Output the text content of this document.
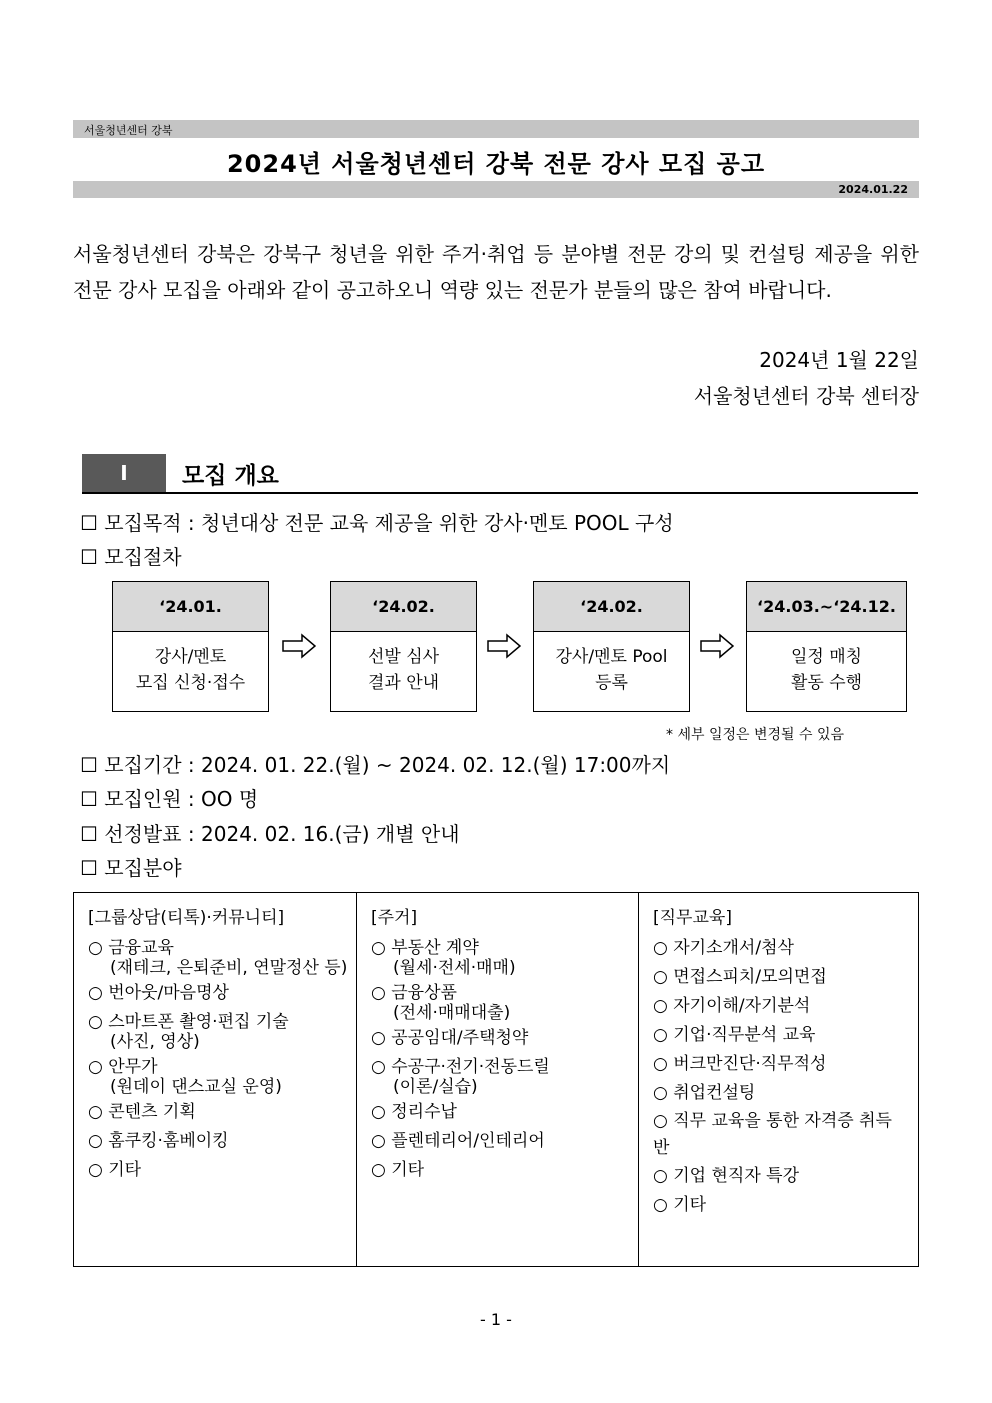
서울청년센터 강북
2024년 서울청년센터 강북 전문 강사 모집 공고
2024.01.22
서울청년센터 강북은 강북구 청년을 위한 주거·취업 등 분야별 전문 강의 및 컨설팅 제공을 위한 전문 강사 모집을 아래와 같이 공고하오니 역량 있는 전문가 분들의 많은 참여 바랍니다.
2024년 1월 22일
서울청년센터 강북 센터장
I	모집 개요
☐ 모집목적 : 청년대상 전문 교육 제공을 위한 강사·멘토 POOL 구성
☐ 모집절차
‘24.01.
강사/멘토
모집 신청·접수
‘24.02.
선발 심사
결과 안내
‘24.02.
강사/멘토 Pool
등록
‘24.03.~‘24.12.
일정 매칭
활동 수행
* 세부 일정은 변경될 수 있음
☐ 모집기간 : 2024. 01. 22.(월) ~ 2024. 02. 12.(월) 17:00까지
☐ 모집인원 : OO 명
☐ 선정발표 : 2024. 02. 16.(금) 개별 안내
☐ 모집분야
[그룹상담(티톡)·커뮤니티]
○ 금융교육
(재테크, 은퇴준비, 연말정산 등)
○ 번아웃/마음명상
○ 스마트폰 촬영·편집 기술
(사진, 영상)
○ 안무가
(원데이 댄스교실 운영)
○ 콘텐츠 기획
○ 홈쿠킹·홈베이킹
○ 기타
[주거]
○ 부동산 계약
(월세·전세·매매)
○ 금융상품
(전세·매매대출)
○ 공공임대/주택청약
○ 수공구·전기·전동드릴
(이론/실습)
○ 정리수납
○ 플렌테리어/인테리어
○ 기타
[직무교육]
○ 자기소개서/첨삭
○ 면접스피치/모의면접
○ 자기이해/자기분석
○ 기업·직무분석 교육
○ 버크만진단·직무적성
○ 취업컨설팅
○ 직무 교육을 통한 자격증 취득 반
○ 기업 현직자 특강
○ 기타
- 1 -
